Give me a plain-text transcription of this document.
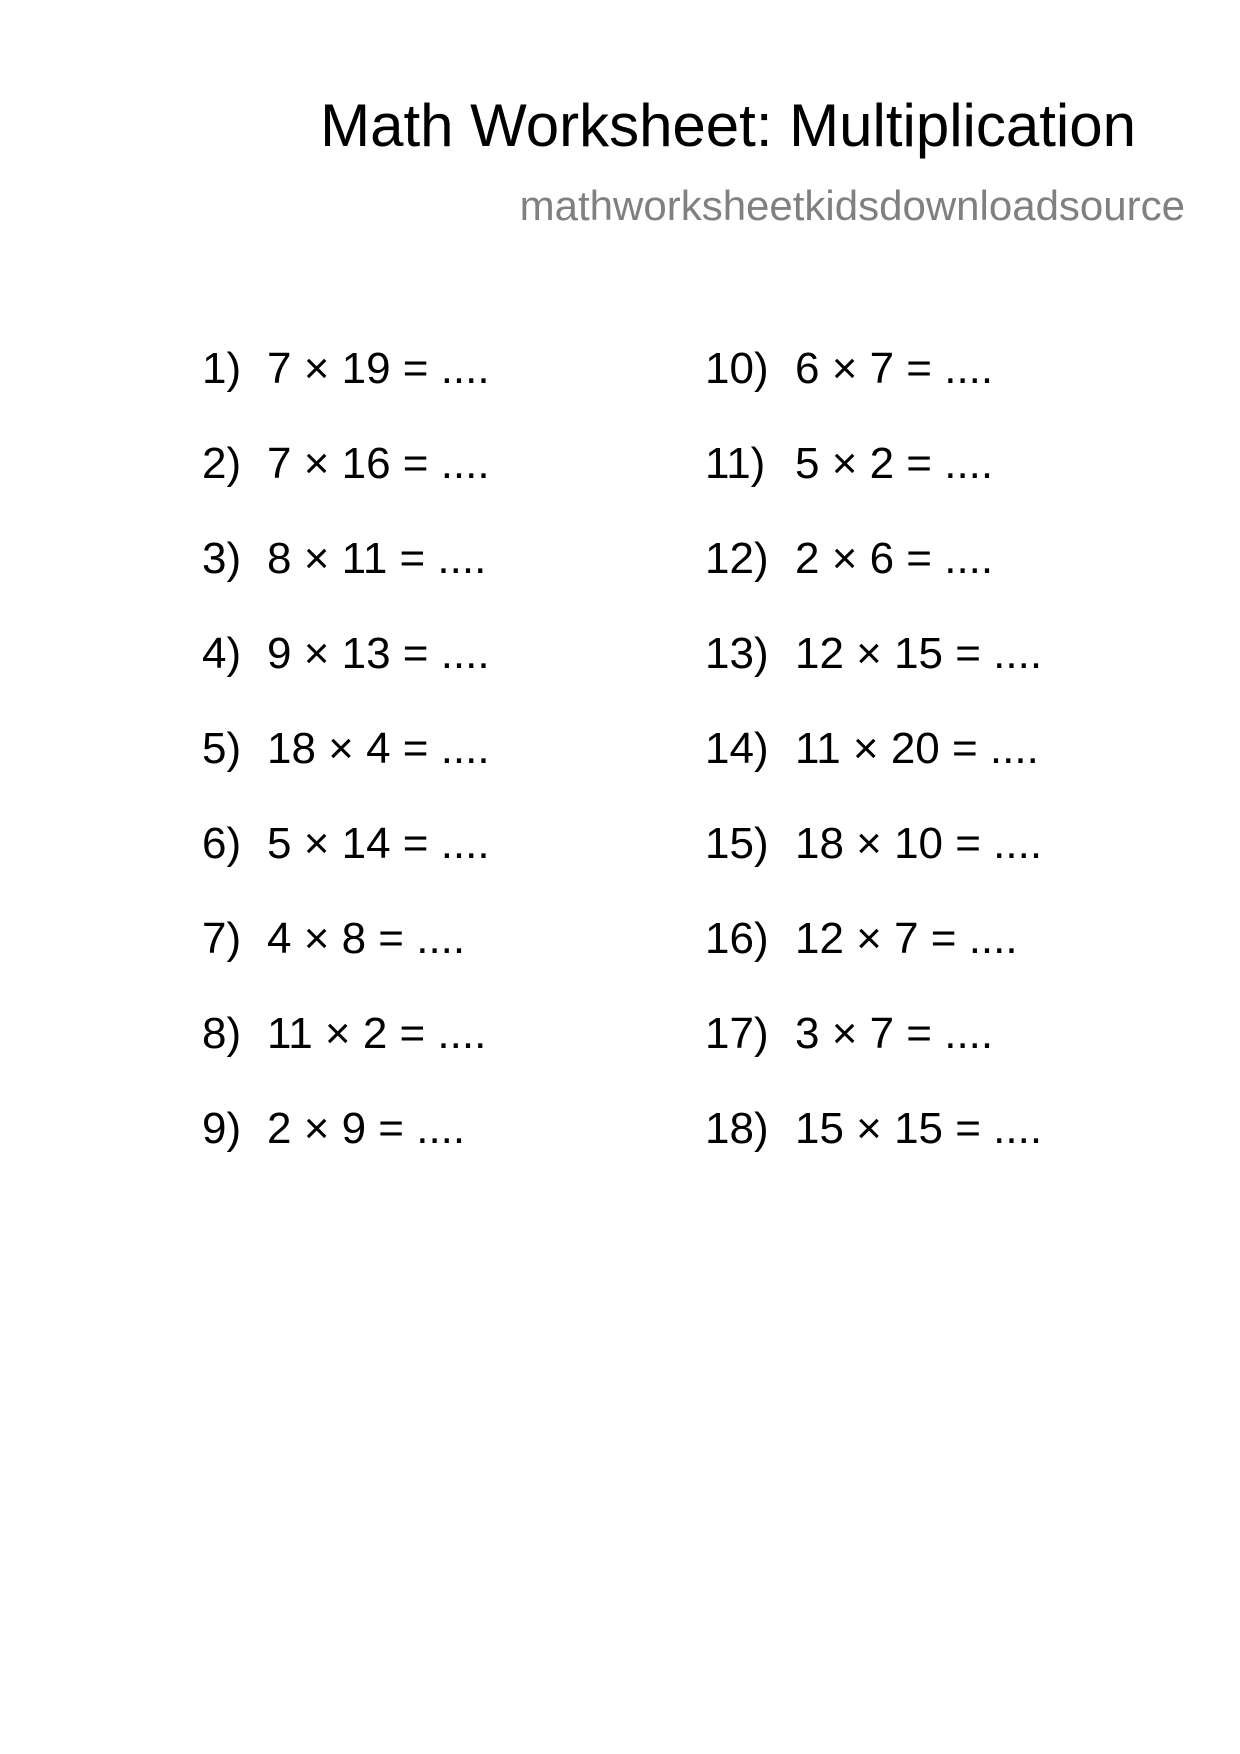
Math Worksheet: Multiplication
mathworksheetkidsdownloadsource
1) 7 × 19 = ....
2) 7 × 16 = ....
3) 8 × 11 = ....
4) 9 × 13 = ....
5) 18 × 4 = ....
6) 5 × 14 = ....
7) 4 × 8 = ....
8) 11 × 2 = ....
9) 2 × 9 = ....
10) 6 × 7 = ....
11) 5 × 2 = ....
12) 2 × 6 = ....
13) 12 × 15 = ....
14) 11 × 20 = ....
15) 18 × 10 = ....
16) 12 × 7 = ....
17) 3 × 7 = ....
18) 15 × 15 = ....
